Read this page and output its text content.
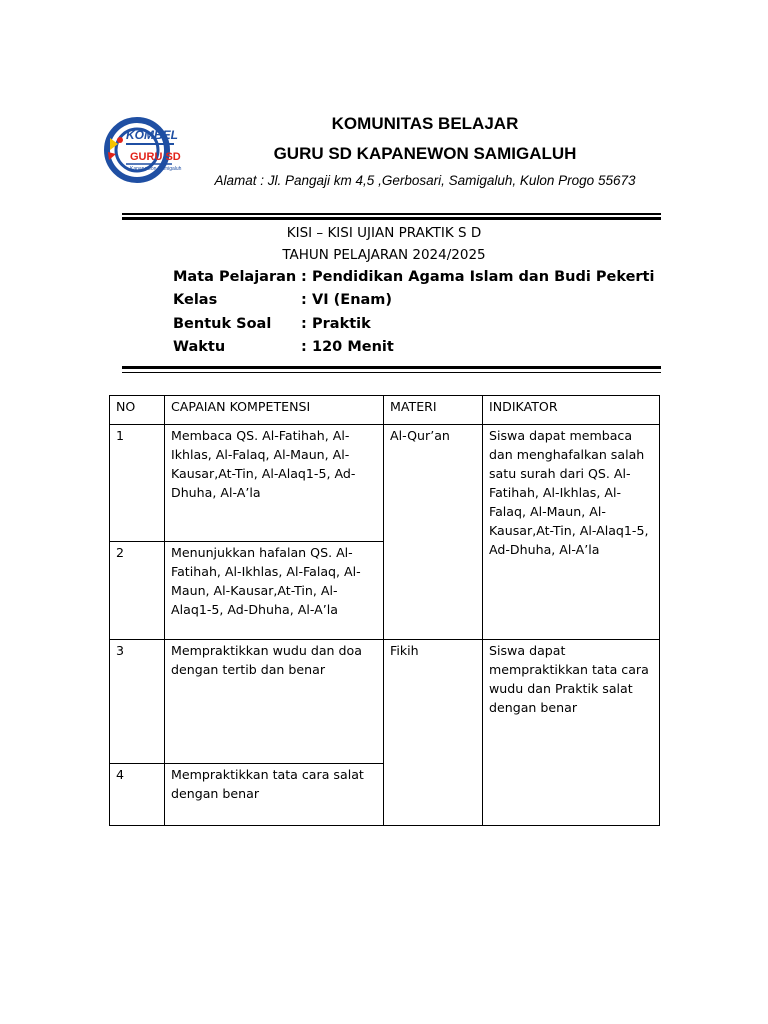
KOMBEL
GURU SD
Kapanewon Samigaluh
KOMUNITAS BELAJAR
GURU SD KAPANEWON SAMIGALUH
Alamat : Jl. Pangaji km 4,5 ,Gerbosari, Samigaluh, Kulon Progo 55673
KISI – KISI UJIAN PRAKTIK S D
TAHUN PELAJARAN 2024/2025
Mata Pelajaran : Pendidikan Agama Islam dan Budi Pekerti
Kelas	: VI (Enam)
Bentuk Soal : Praktik
Waktu	: 120 Menit
NO	CAPAIAN KOMPETENSI	MATERI	INDIKATOR
1	Membaca QS. Al-Fatihah, Al-Ikhlas, Al-Falaq, Al-Maun, Al-Kausar,At-Tin, Al-Alaq1-5, Ad-Dhuha, Al-A’la	Al-Qur’an	Siswa dapat membaca dan menghafalkan salah satu surah dari QS. Al-Fatihah, Al-Ikhlas, Al-Falaq, Al-Maun, Al-Kausar,At-Tin, Al-Alaq1-5, Ad-Dhuha, Al-A’la
2	Menunjukkan hafalan QS. Al-Fatihah, Al-Ikhlas, Al-Falaq, Al-Maun, Al-Kausar,At-Tin, Al-Alaq1-5, Ad-Dhuha, Al-A’la		
3	Mempraktikkan wudu dan doa dengan tertib dan benar	Fikih	Siswa dapat mempraktikkan tata cara wudu dan Praktik salat dengan benar
4	Mempraktikkan tata cara salat dengan benar		
